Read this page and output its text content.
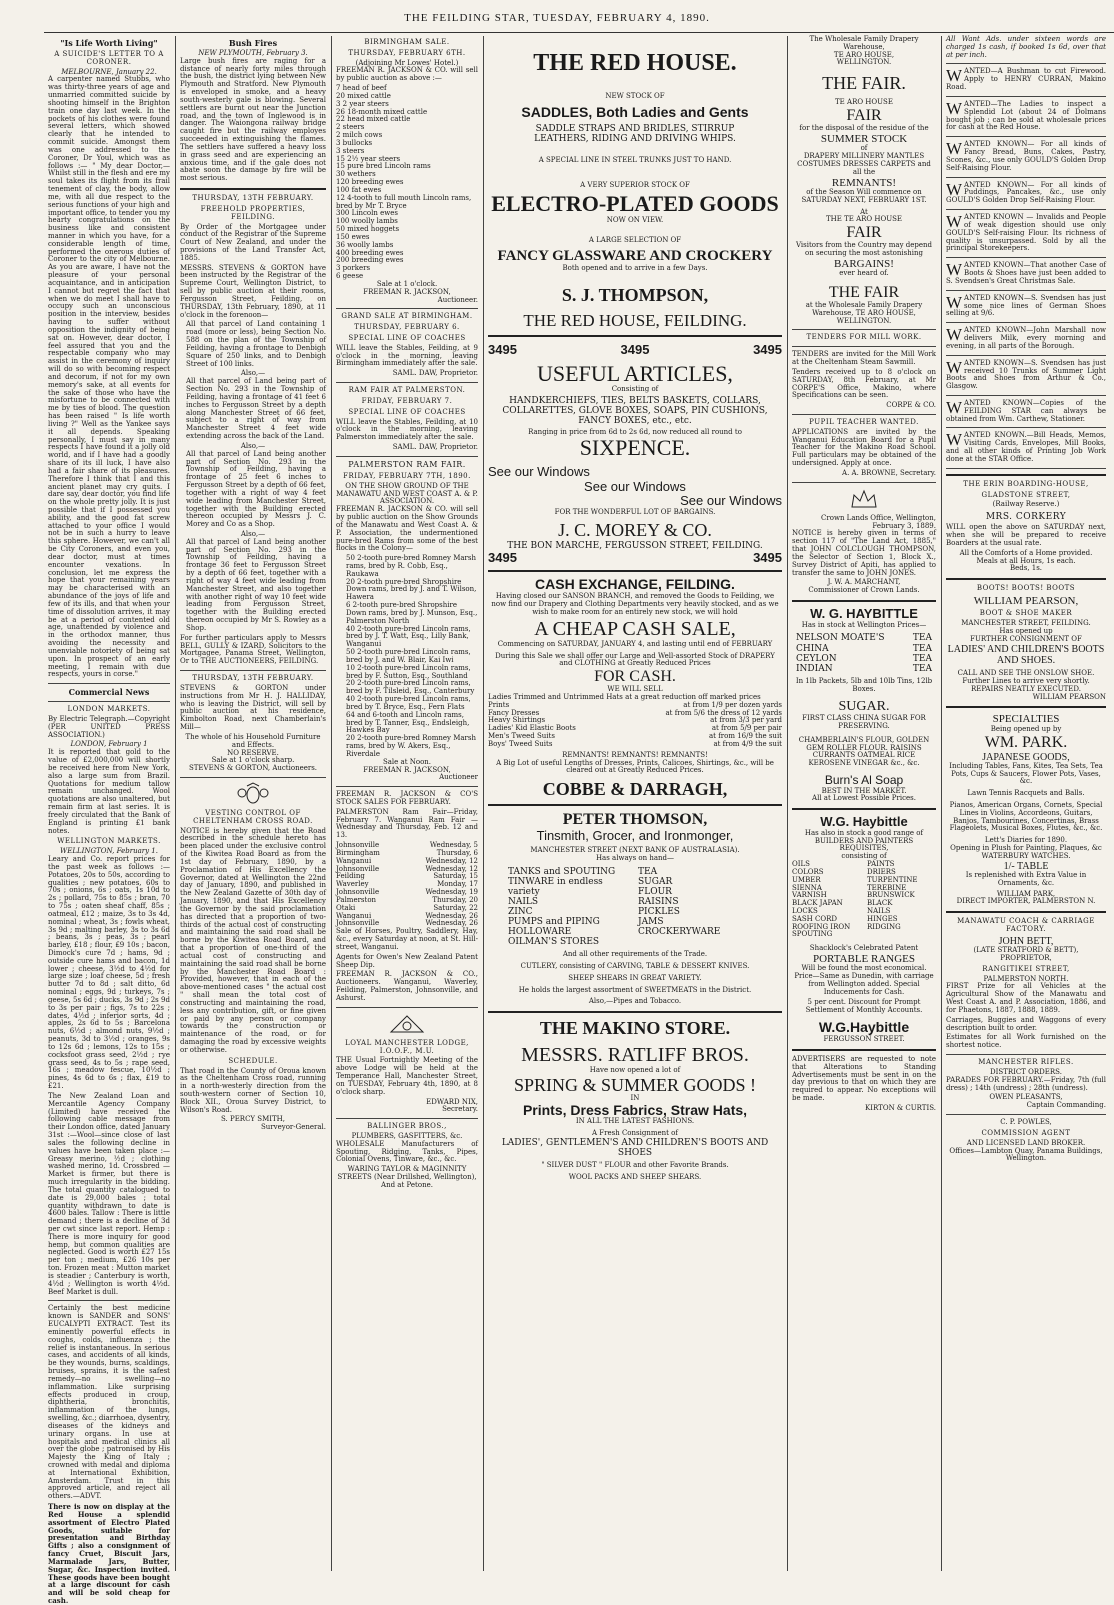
THE FEILDING STAR, TUESDAY, FEBRUARY 4, 1890.
"Is Life Worth Living"
A SUICIDE'S LETTER TO A CORONER.
MELBOURNE, January 22.

A carpenter named Stubbs, who was thirty-three years of age and unmarried committed suicide by shooting himself in the Brighton train one day last week. In the pockets of his clothes were found several letters, which showed clearly that he intended to commit suicide. Amongst them was one addressed to the Coroner, Dr Youl, which was as follows :— " My dear Doctor,—Whilst still in the flesh and ere my soul takes its flight from its frail tenement of clay, the body, allow me, with all due respect to the serious functions of your high and important office, to tender you my hearty congratulations on the business like and consistent manner in which you have, for a considerable length of time, performed the onerous duties of Coroner to the city of Melbourne. As you are aware, I have not the pleasure of your personal acquaintance, and in anticipation I cannot but regret the fact that when we do meet I shall have to occupy such an unconscious position in the interview, besides having to suffer without opposition the indignity of being sat on. However, dear doctor, I feel assured that you and the respectable company who may assist in the ceremony of inquiry will do so with becoming respect and decorum, if not for my own memory's sake, at all events for the sake of those who have the misfortune to be connected with me by ties of blood. The question has been raised " Is life worth living ?" Well as the Yankee says it all depends. Speaking personally, I must say in many respects I have found it a jolly old world, and if I have had a goodly share of its ill luck, I have also had a fair share of its pleasures. Therefore I think that I and this ancient planet may cry quits. I dare say, dear doctor, you find life on the whole pretty jolly. It is just possible that if I possessed you ability, and the good fat screw attached to your office I would not be in such a hurry to leave this sphere. However, we can't all be City Coroners, and even you, dear doctor, must at times encounter vexations. In conclusion, let me express the hope that your remaining years may be characterised with an abundance of the joys of life and few of its ills, and that when your time of dissolution arrives, it may be at a period of contented old age, unattended by violence and in the orthodox manner, thus avoiding the necessity and unenviable notoriety of being sat upon. In prospect of an early meeting, I remain with due respects, yours in corse."

Commercial News
LONDON MARKETS.

By Electric Telegraph.—Copyright (PER UNITED PRESS ASSOCIATION.)

LONDON, February 1

It is reported that gold to the value of £2,000,000 will shortly be received here from New York, also a large sum from Brazil. Quotations for medium tallow remain unchanged. Wool quotations are also unaltered, but remain firm at last series. It is freely circulated that the Bank of England is printing £1 bank notes.

WELLINGTON MARKETS.
WELLINGTON, February 1.

Leary and Co. report prices for the past week as follows :—Potatoes, 20s to 50s, according to qualities ; new potatoes, 60s to 70s ; onions, 6s ; oats, 1s 10d to 2s ; pollard, 75s to 85s ; bran, 70 to 75s ; oaten sheaf chaff, 85s ; oatmeal, £12 ; maize, 3s to 3s 4d, nominal ; wheat, 3s ; fowls wheat, 3s 9d ; malting barley, 3s to 3s 6d ; beans, 3s ; peas, 3s ; pearl barley, £18 ; flour, £9 10s ; bacon, Dimock's cure 7d ; hams, 9d ; outside cure hams and bacon, 1d lower ; cheese, 3½d to 4½d for large size ; loaf cheese, 5d ; fresh butter 7d to 8d ; salt ditto, 6d nominal ; eggs, 9d ; turkeys, 7s ; geese, 5s 6d ; ducks, 3s 9d ; 2s 9d to 3s per pair ; figs, 7s to 22s ; dates, 4½d ; inferior sorts, 4d ; apples, 2s 6d to 5s ; Barcelona nuts, 6½d ; almond nuts, 9½d ; peanuts, 3d to 3½d ; oranges, 9s to 12s 6d ; lemons, 12s to 15s ; cocksfoot grass seed, 2½d ; rye grass seed, 4s to 5s ; rape seed, 16s ; meadow fescue, 10½d ; pines, 4s 6d to 6s ; flax, £19 to £21.

The New Zealand Loan and Mercantile Agency Company (Limited) have received the following cable message from their London office, dated January 31st :—Wool—since close of last sales the following decline in values have been taken place :—Greasy merino, ½d ; clothing washed merino, 1d. Crossbred — Market is firmer, but there is much irregularity in the bidding. The total quantity catalogued to date is 29,000 bales ; total quantity withdrawn to date is 4600 bales. Tallow : There is little demand ; there is a decline of 3d per cwt since last report. Hemp : There is more inquiry for good hemp, but common qualities are neglected. Good is worth £27 15s per ton ; medium, £26 10s per ton. Frozen meat : Mutton market is steadier ; Canterbury is worth, 4½d ; Wellington is worth 4½d. Beef Market is dull.

Certainly the best medicine known is SANDER and SONS' EUCALYPTI EXTRACT. Test its eminently powerful effects in coughs, colds, influenza ; the relief is instantaneous. In serious cases, and accidents of all kinds, be they wounds, burns, scaldings, bruises, sprains, it is the safest remedy—no swelling—no inflammation. Like surprising effects produced in croup, diphtheria, bronchitis, inflammation of the lungs, swelling, &c.; diarrhoea, dysentry, diseases of the kidneys and urinary organs. In use at hospitals and medical clinics all over the globe ; patronised by His Majesty the King of Italy ; crowned with medal and diploma at International Exhibition, Amsterdam. Trust in this approved article, and reject all others.—ADVT.

There is now on display at the Red House a splendid assortment of Electro Plated Goods, suitable for presentation and Birthday Gifts ; also a consignment of fancy Cruet, Biscuit Jars, Marmalade Jars, Butter, Sugar, &c. Inspection invited. These goods have been bought at a large discount for cash and will be sold cheap for cash.

Bush Fires
NEW PLYMOUTH, February 3.

Large bush fires are raging for a distance of nearly forty miles through the bush, the district lying between New Plymouth and Stratford. New Plymouth is enveloped in smoke, and a heavy south-westerly gale is blowing. Several settlers are burnt out near the Junction road, and the town of Inglewood is in danger. The Waiongona railway bridge caught fire but the railway employes succeeded in extinguishing the flames. The settlers have suffered a heavy loss in grass seed and are experiencing an anxious time, and if the gale does not abate soon the damage by fire will be most serious.

THURSDAY, 13TH FEBRUARY.
FREEHOLD PROPERTIES, FEILDING.

By Order of the Mortgagee under conduct of the Registrar of the Supreme Court of New Zealand, and under the provisions of the Land Transfer Act, 1885.

MESSRS. STEVENS & GORTON have been instructed by the Registrar of the Supreme Court, Wellington District, to sell by public auction at their rooms, Fergusson Street, Feilding, on THURSDAY, 13th February, 1890, at 11 o'clock in the forenoon—

All that parcel of Land containing 1 road (more or less), being Section No. 588 on the plan of the Township of Feilding, having a frontage to Denbigh Square of 250 links, and to Denbigh Street of 100 links.

Also,—

All that parcel of Land being part of Section No. 293 in the Township of Feilding, having a frontage of 41 feet 6 inches to Fergusson Street by a depth along Manchester Street of 66 feet, subject to a right of way from Manchester Street 4 feet wide extending across the back of the Land.

Also,—

All that parcel of Land being another part of Section No. 293 in the Township of Feilding, having a frontage of 25 feet 6 inches to Fergusson Street by a depth of 66 feet, together with a right of way 4 feet wide leading from Manchester Street, together with the Building erected thereon occupied by Messrs J. C. Morey and Co as a Shop.

Also,—

All that parcel of Land being another part of Section No. 293 in the Township of Feilding, having a frontage 36 feet to Fergusson Street by a depth of 66 feet, together with a right of way 4 feet wide leading from Manchester Street, and also together with another right of way 10 feet wide leading from Fergusson Street, together with the Building erected thereon occupied by Mr S. Rowley as a Shop.

For further particulars apply to Messrs BELL, GULLY & IZARD, Solicitors to the Mortgagee, Panama Street, Wellington, Or to THE AUCTIONEERS, FEILDING.

THURSDAY, 13TH FEBRUARY.

STEVENS & GORTON under instructions from Mr H. J. HALLIDAY, who is leaving the District, will sell by public auction at his residence, Kimbolton Road, next Chamberlain's Mill—

The whole of his Household Furniture and Effects.
NO RESERVE.
Sale at 1 o'clock sharp.
STEVENS & GORTON, Auctioneers.
VESTING CONTROL OF CHELTENHAM CROSS ROAD.

NOTICE is hereby given that the Road described in the schedule hereto has been placed under the exclusive control of the Kiwitea Road Board as from the 1st day of February, 1890, by a Proclamation of His Excellency the Governor, dated at Wellington the 22nd day of January, 1890, and published in the New Zealand Gazette of 30th day of January, 1890, and that His Excellency the Governor by the said proclamation has directed that a proportion of two-thirds of the actual cost of constructing and maintaining the said road shall be borne by the Kiwitea Road Board, and that a proportion of one-third of the actual cost of constructing and maintaining the said road shall be borne by the Manchester Road Board : Provided, however, that in each of the above-mentioned cases " the actual cost " shall mean the total cost of constructing and maintaining the road, less any contribution, gift, or fine given or paid by any person or company towards the construction or maintenance of the road, or for damaging the road by excessive weights or otherwise.

SCHEDULE.

That road in the County of Oroua known as the Cheltenham Cross road, running in a north-westerly direction from the south-western corner of Section 10, Block XII., Oroua Survey District, to Wilson's Road.

S. PERCY SMITH,
Surveyor-General.
BIRMINGHAM SALE.
THURSDAY, FEBRUARY 6TH.
(Adjoining Mr Lowes' Hotel.)

FREEMAN R. JACKSON & CO. will sell by public auction as above :—

7 head of beef
20 mixed cattle
3 2 year steers
26 18-month mixed cattle
22 head mixed cattle
2 steers
2 milch cows
3 bullocks
3 steers
15 2½ year steers
15 pure bred Lincoln rams
30 wethers
120 breeding ewes
100 fat ewes
12 4-tooth to full mouth Lincoln rams, bred by Mr T. Bryce
300 Lincoln ewes
100 woolly lambs
50 mixed hoggets
150 ewes
36 woolly lambs
400 breeding ewes
200 breeding ewes
3 porkers
6 geese
Sale at 1 o'clock.
FREEMAN R. JACKSON,
Auctioneer.
GRAND SALE AT BIRMINGHAM.
THURSDAY, FEBRUARY 6.
SPECIAL LINE OF COACHES

WILL leave the Stables, Feilding, at 9 o'clock in the morning, leaving Birmingham immediately after the sale.

SAML. DAW, Proprietor.
RAM FAIR AT PALMERSTON.
FRIDAY, FEBRUARY 7.
SPECIAL LINE OF COACHES

WILL leave the Stables, Feilding, at 10 o'clock in the morning, leaving Palmerston immediately after the sale.

SAML. DAW, Proprietor.
PALMERSTON RAM FAIR.
FRIDAY, FEBRUARY 7TH, 1890.
ON THE SHOW GROUND OF THE MANAWATU AND WEST COAST A. & P. ASSOCIATION.

FREEMAN R. JACKSON & CO. will sell by public auction on the Show Grounds of the Manawatu and West Coast A. & P. Association, the undermentioned pure-bred Rams from some of the best flocks in the Colony—

50 2-tooth pure-bred Romney Marsh rams, bred by R. Cobb, Esq., Raukawa
20 2-tooth pure-bred Shropshire Down rams, bred by J. and T. Wilson, Hawera
6 2-tooth pure-bred Shropshire Down rams, bred by J. Munson, Esq., Palmerston North
40 2-tooth pure-bred Lincoln rams, bred by J. T. Watt, Esq., Lilly Bank, Wanganui
50 2-tooth pure-bred Lincoln rams, bred by J. and W. Blair, Kai Iwi
10 2-tooth pure-bred Lincoln rams, bred by F. Sutton, Esq., Southland
20 2-tooth pure-bred Lincoln rams, bred by F. Tilsleid, Esq., Canterbury
40 2-tooth pure-bred Lincoln rams, bred by T. Bryce, Esq., Fern Flats
64 and 6-tooth and Lincoln rams, bred by T. Tanner, Esq., Endsleigh, Hawkes Bay
20 2-tooth pure-bred Romney Marsh rams, bred by W. Akers, Esq., Riverdale
Sale at Noon.
FREEMAN R. JACKSON,
Auctioneer

FREEMAN R. JACKSON & CO'S STOCK SALES FOR FEBRUARY.

PALMERSTON Ram Fair—Friday, February 7. Wanganui Ram Fair — Wednesday and Thursday, Feb. 12 and 13.

Johnsonville	Wednesday, 5
Birmingham	Thursday, 6
Wanganui	Wednesday, 12
Johnsonville	Wednesday, 12
Feilding	Saturday, 15
Waverley	Monday, 17
Johnsonville	Wednesday, 19
Palmerston	Thursday, 20
Otaki	Saturday, 22
Wanganui	Wednesday, 26
Johnsonville	Wednesday, 26

Sale of Horses, Poultry, Saddlery, Hay, &c., every Saturday at noon, at St. Hill-street, Wanganui.

Agents for Owen's New Zealand Patent Sheep Dip.

FREEMAN R. JACKSON & CO., Auctioneers. Wanganui, Waverley, Feilding, Palmerston, Johnsonville, and Ashurst.

LOYAL MANCHESTER LODGE, I.O.O.F., M.U.

THE Usual Fortnightly Meeting of the above Lodge will be held at the Temperance Hall, Manchester Street, on TUESDAY, February 4th, 1890, at 8 o'clock sharp.

EDWARD NIX,
Secretary.
BALLINGER BROS.,
PLUMBERS, GASFITTERS, &c.

WHOLESALE Manufacturers of Spouting, Ridging, Tanks, Pipes, Colonial Ovens, Tinware, &c., &c.

WARING TAYLOR & MAGINNITY STREETS (Near Drillshed, Wellington), And at Petone.
THE RED HOUSE.
NEW STOCK OF
SADDLES, Both Ladies and Gents
SADDLE STRAPS AND BRIDLES, STIRRUP LEATHERS, RIDING AND DRIVING WHIPS.
A SPECIAL LINE IN STEEL TRUNKS JUST TO HAND.
A VERY SUPERIOR STOCK OF
ELECTRO-PLATED GOODS
NOW ON VIEW.
A LARGE SELECTION OF
FANCY GLASSWARE AND CROCKERY
Both opened and to arrive in a few Days.
S. J. THOMPSON,
THE RED HOUSE, FEILDING.
3495	3495	3495
USEFUL ARTICLES,
Consisting of
HANDKERCHIEFS, TIES, BELTS BASKETS, COLLARS, COLLARETTES, GLOVE BOXES, SOAPS, PIN CUSHIONS, FANCY BOXES, etc., etc.
Ranging in price from 6d to 2s 6d, now reduced all round to
SIXPENCE.
See our Windows
See our Windows
See our Windows
FOR THE WONDERFUL LOT OF BARGAINS.
J. C. MOREY & CO.
THE BON MARCHE, FERGUSSON STREET, FEILDING.
3495	3495
CASH EXCHANGE, FEILDING.

Having closed our SANSON BRANCH, and removed the Goods to Feilding, we now find our Drapery and Clothing Departments very heavily stocked, and as we wish to make room for an entirely new stock, we will hold

A CHEAP CASH SALE,
Commencing on SATURDAY, JANUARY 4, and lasting until end of FEBRUARY
During this Sale we shall offer our Large and Well-assorted Stock of DRAPERY and CLOTHING at Greatly Reduced Prices
FOR CASH.
WE WILL SELL
Ladies Trimmed and Untrimmed Hats at a great reduction off marked prices
Prints	at from 1/9 per dozen yards
Fancy Dresses	at from 5/6 the dress of 12 yards
Heavy Shirtings	at from 3/3 per yard
Ladies' Kid Elastic Boots	at from 5/9 per pair
Men's Tweed Suits	at from 16/9 the suit
Boys' Tweed Suits	at from 4/9 the suit
REMNANTS! REMNANTS! REMNANTS!
A Big Lot of useful Lengths of Dresses, Prints, Calicoes, Shirtings, &c., will be cleared out at Greatly Reduced Prices.
COBBE & DARRAGH,
PETER THOMSON,
Tinsmith, Grocer, and Ironmonger,
MANCHESTER STREET (NEXT BANK OF AUSTRALASIA).
Has always on hand—
TANKS and SPOUTING
TINWARE in endless variety
NAILS
ZINC
PUMPS and PIPING
HOLLOWARE
OILMAN'S STORES
TEA
SUGAR
FLOUR
RAISINS
PICKLES
JAMS
CROCKERYWARE
And all other requirements of the Trade.
CUTLERY, consisting of CARVING, TABLE & DESSERT KNIVES.
SHEEP SHEARS IN GREAT VARIETY.
He holds the largest assortment of SWEETMEATS in the District.
Also,—Pipes and Tobacco.
THE MAKINO STORE.
MESSRS. RATLIFF BROS.
Have now opened a lot of
SPRING & SUMMER GOODS !
IN
Prints, Dress Fabrics, Straw Hats,
IN ALL THE LATEST FASHIONS.
A Fresh Consignment of
LADIES', GENTLEMEN'S AND CHILDREN'S BOOTS AND SHOES
" SILVER DUST " FLOUR and other Favorite Brands.
WOOL PACKS AND SHEEP SHEARS.
The Wholesale Family Drapery Warehouse,
TE ARO HOUSE,
WELLINGTON.
THE FAIR.
TE ARO HOUSE
FAIR
for the disposal of the residue of the
SUMMER STOCK
of
DRAPERY MILLINERY MANTLES COSTUMES DRESSES CARPETS and all the
REMNANTS!
of the Season Will commence on SATURDAY NEXT, FEBRUARY 1ST.
At
THE TE ARO HOUSE
FAIR
Visitors from the Country may depend on securing the most astonishing
BARGAINS!
ever heard of.
THE FAIR
at the Wholesale Family Drapery Warehouse, TE ARO HOUSE, WELLINGTON.
TENDERS FOR MILL WORK.

TENDERS are invited for the Mill Work at the Cheltenham Steam Sawmill.

Tenders received up to 8 o'clock on SATURDAY, 8th February, at Mr CORPE'S Office, Makino, where Specifications can be seen.

CORPE & CO.
PUPIL TEACHER WANTED.

APPLICATIONS are invited by the Wanganui Education Board for a Pupil Teacher for the Makino Road School. Full particulars may be obtained of the undersigned. Apply at once.

A. A. BROWNE, Secretary.
Crown Lands Office, Wellington, February 3, 1889.

NOTICE is hereby given in terms of section 117 of "The Land Act, 1885," that JOHN COLCLOUGH THOMPSON, the Selector of Section 1, Block X., Survey District of Apiti, has applied to transfer the same to JOHN JONES.

J. W. A. MARCHANT,
Commissioner of Crown Lands.
W. G. HAYBITTLE
Has in stock at Wellington Prices—
NELSON MOATE'S	TEA
CHINA	TEA
CEYLON	TEA
INDIAN	TEA
In 1lb Packets, 5lb and 10lb Tins, 12lb Boxes.
SUGAR.
FIRST CLASS CHINA SUGAR FOR PRESERVING.
CHAMBERLAIN'S FLOUR, GOLDEN GEM ROLLER FLOUR. RAISINS CURRANTS OATMEAL RICE KEROSENE VINEGAR &c., &c.
Burn's Al Soap
BEST IN THE MARKET.
All at Lowest Possible Prices.
W.G. Haybittle
Has also in stock a good range of
BUILDERS AND PAINTERS REQUISITES,
consisting of
OILS
COLORS
UMBER
SIENNA
VARNISH
BLACK JAPAN
LOCKS
SASH CORD
ROOFING IRON
SPOUTING
PAINTS
DRIERS
TURPENTINE
TEREBINE
BRUNSWICK BLACK
NAILS
HINGES
RIDGING
Shacklock's Celebrated Patent
PORTABLE RANGES

Will be found the most economical. Price—Same as Dunedin, with carriage from Wellington added. Special Inducements for Cash.

5 per cent. Discount for Prompt Settlement of Monthly Accounts.

W.G.Haybittle
FERGUSSON STREET.

ADVERTISERS are requested to note that Alterations to Standing Advertisements must be sent in on the day previous to that on which they are required to appear. No exceptions will be made.

KIRTON & CURTIS.

All Want Ads. under sixteen words are charged 1s cash, if booked 1s 6d, over that at per inch.

WANTED—A Bushman to cut Firewood. Apply to HENRY CURRAN, Makino Road.

WANTED—The Ladies to inspect a Splendid Lot (about 24 of Dolmans bought job ; can be sold at wholesale prices for cash at the Red House.

WANTED KNOWN— For all kinds of Fancy Bread, Buns, Cakes, Pastry, Scones, &c., use only GOULD'S Golden Drop Self-Raising Flour.

WANTED KNOWN— For all kinds of Puddings, Pancakes, &c., use only GOULD'S Golden Drop Self-Raising Flour.

WANTED KNOWN — Invalids and People of weak digestion should use only GOULD'S Self-raising Flour. Its richness of quality is unsurpassed. Sold by all the principal Storekeepers.

WANTED KNOWN—That another Case of Boots & Shoes have just been added to S. Svendsen's Great Christmas Sale.

WANTED KNOWN—S. Svendsen has just some nice lines of German Shoes selling at 9/6.

WANTED KNOWN—John Marshall now delivers Milk, every morning and evening, in all parts of the Borough.

WANTED KNOWN—S. Svendsen has just received 10 Trunks of Summer Light Boots and Shoes from Arthur & Co., Glasgow.

WANTED KNOWN—Copies of the FEILDING STAR can always be obtained from Wm. Carthew, Stationer.

WANTED KNOWN.—Bill Heads, Memos, Visiting Cards, Envelopes, Mill Books, and all other kinds of Printing Job Work done at the STAR Office.

THE ERIN BOARDING-HOUSE,
GLADSTONE STREET,
(Railway Reserve.)
MRS. CORKERY

WILL open the above on SATURDAY next, when she will be prepared to receive Boarders at the usual rate.

All the Comforts of a Home provided.
Meals at all Hours, 1s each.
Beds, 1s.
BOOTS! BOOTS! BOOTS
WILLIAM PEARSON,
BOOT & SHOE MAKER
MANCHESTER STREET, FEILDING.
Has opened up
FURTHER CONSIGNMENT OF
LADIES' AND CHILDREN'S BOOTS AND SHOES.
CALL AND SEE THE ONSLOW SHOE.
Further Lines to arrive very shortly.
REPAIRS NEATLY EXECUTED.
WILLIAM PEARSON
SPECIALTIES
Being opened up by
WM. PARK.
JAPANESE GOODS,
Including Tables, Fans, Kites, Tea Sets, Tea Pots, Cups & Saucers, Flower Pots, Vases, &c.
Lawn Tennis Racquets and Balls.
Pianos, American Organs, Cornets, Special Lines in Violins, Accordeons, Guitars, Banjos, Tambourines, Concertinas, Brass Flageolets, Musical Boxes, Flutes, &c., &c.
Lett's Diaries for 1890.
Opening in Plush for Painting, Plaques, &c
WATERBURY WATCHES.
1/- TABLE
Is replenished with Extra Value in Ornaments, &c.
WILLIAM PARK,
DIRECT IMPORTER, PALMERSTON N.
MANAWATU COACH & CARRIAGE FACTORY.
JOHN BETT,
(LATE STRATFORD & BETT),
PROPRIETOR,
RANGITIKEI STREET,
PALMERSTON NORTH.

FIRST Prize for all Vehicles at the Agricultural Show of the Manawatu and West Coast A. and P. Association, 1886, and for Phaetons, 1887, 1888, 1889.

Carriages, Buggies and Waggons of every description built to order.

Estimates for all Work furnished on the shortest notice.

MANCHESTER RIFLES.
DISTRICT ORDERS.

PARADES FOR FEBRUARY.—Friday, 7th (full dress) ; 14th (undress) ; 28th (undress).

OWEN PLEASANTS,
Captain Commanding.
C. P. POWLES,
COMMISSION AGENT
AND LICENSED LAND BROKER.
Offices—Lambton Quay, Panama Buildings, Wellington.
